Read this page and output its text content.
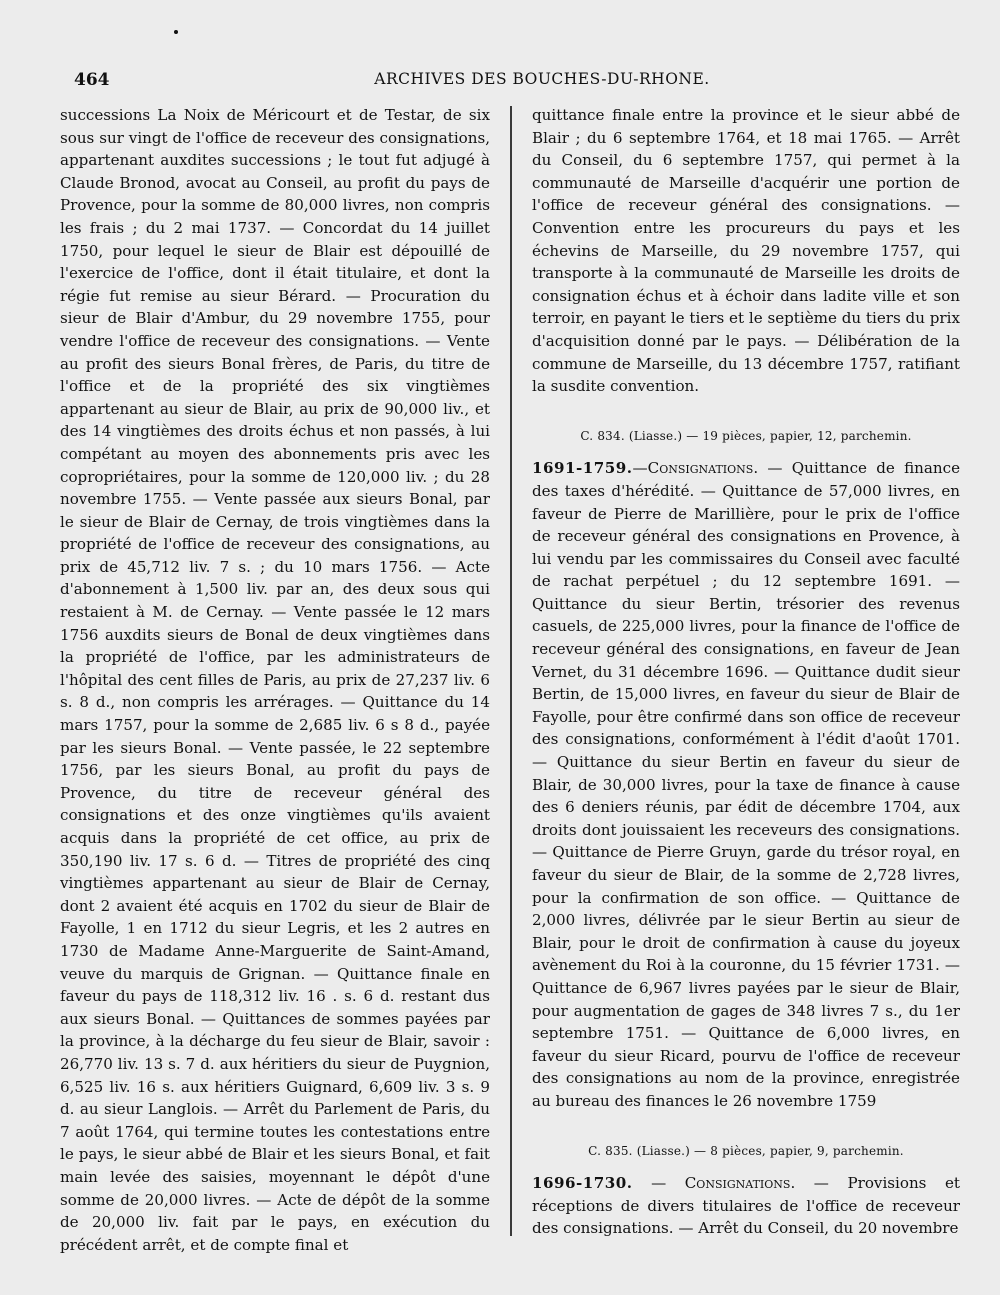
464	ARCHIVES DES BOUCHES-DU-RHONE.

successions La Noix de Méricourt et de Testar, de six sous sur vingt de l'office de receveur des consignations, appartenant auxdites successions ; le tout fut adjugé à Claude Bronod, avocat au Conseil, au profit du pays de Provence, pour la somme de 80,000 livres, non compris les frais ; du 2 mai 1737. — Concordat du 14 juillet 1750, pour lequel le sieur de Blair est dépouillé de l'exercice de l'office, dont il était titulaire, et dont la régie fut remise au sieur Bérard. — Procuration du sieur de Blair d'Ambur, du 29 novembre 1755, pour vendre l'office de receveur des consignations. — Vente au profit des sieurs Bonal frères, de Paris, du titre de l'office et de la propriété des six vingtièmes appartenant au sieur de Blair, au prix de 90,000 liv., et des 14 vingtièmes des droits échus et non passés, à lui compétant au moyen des abonnements pris avec les copropriétaires, pour la somme de 120,000 liv. ; du 28 novembre 1755. — Vente passée aux sieurs Bonal, par le sieur de Blair de Cernay, de trois vingtièmes dans la propriété de l'office de receveur des consignations, au prix de 45,712 liv. 7 s. ; du 10 mars 1756. — Acte d'abonnement à 1,500 liv. par an, des deux sous qui restaient à M. de Cernay. — Vente passée le 12 mars 1756 auxdits sieurs de Bonal de deux vingtièmes dans la propriété de l'office, par les administrateurs de l'hôpital des cent filles de Paris, au prix de 27,237 liv. 6 s. 8 d., non compris les arrérages. — Quittance du 14 mars 1757, pour la somme de 2,685 liv. 6 s 8 d., payée par les sieurs Bonal. — Vente passée, le 22 septembre 1756, par les sieurs Bonal, au profit du pays de Provence, du titre de receveur général des consignations et des onze vingtièmes qu'ils avaient acquis dans la propriété de cet office, au prix de 350,190 liv. 17 s. 6 d. — Titres de propriété des cinq vingtièmes appartenant au sieur de Blair de Cernay, dont 2 avaient été acquis en 1702 du sieur de Blair de Fayolle, 1 en 1712 du sieur Legris, et les 2 autres en 1730 de Madame Anne-Marguerite de Saint-Amand, veuve du marquis de Grignan. — Quittance finale en faveur du pays de 118,312 liv. 16 . s. 6 d. restant dus aux sieurs Bonal. — Quittances de sommes payées par la province, à la décharge du feu sieur de Blair, savoir : 26,770 liv. 13 s. 7 d. aux héritiers du sieur de Puygnion, 6,525 liv. 16 s. aux héritiers Guignard, 6,609 liv. 3 s. 9 d. au sieur Langlois. — Arrêt du Parlement de Paris, du 7 août 1764, qui termine toutes les contestations entre le pays, le sieur abbé de Blair et les sieurs Bonal, et fait main levée des saisies, moyennant le dépôt d'une somme de 20,000 livres. — Acte de dépôt de la somme de 20,000 liv. fait par le pays, en exécution du précédent arrêt, et de compte final et

quittance finale entre la province et le sieur abbé de Blair ; du 6 septembre 1764, et 18 mai 1765. — Arrêt du Conseil, du 6 septembre 1757, qui permet à la communauté de Marseille d'acquérir une portion de l'office de receveur général des consignations. — Convention entre les procureurs du pays et les échevins de Marseille, du 29 novembre 1757, qui transporte à la communauté de Marseille les droits de consignation échus et à échoir dans ladite ville et son terroir, en payant le tiers et le septième du tiers du prix d'acquisition donné par le pays. — Délibération de la commune de Marseille, du 13 décembre 1757, ratifiant la susdite convention.

C. 834. (Liasse.) — 19 pièces, papier, 12, parchemin.

1691-1759.—Consignations. — Quittance de finance des taxes d'hérédité. — Quittance de 57,000 livres, en faveur de Pierre de Marillière, pour le prix de l'office de receveur général des consignations en Provence, à lui vendu par les commissaires du Conseil avec faculté de rachat perpétuel ; du 12 septembre 1691. — Quittance du sieur Bertin, trésorier des revenus casuels, de 225,000 livres, pour la finance de l'office de receveur général des consignations, en faveur de Jean Vernet, du 31 décembre 1696. — Quittance dudit sieur Bertin, de 15,000 livres, en faveur du sieur de Blair de Fayolle, pour être confirmé dans son office de receveur des consignations, conformément à l'édit d'août 1701. — Quittance du sieur Bertin en faveur du sieur de Blair, de 30,000 livres, pour la taxe de finance à cause des 6 deniers réunis, par édit de décembre 1704, aux droits dont jouissaient les receveurs des consignations. — Quittance de Pierre Gruyn, garde du trésor royal, en faveur du sieur de Blair, de la somme de 2,728 livres, pour la confirmation de son office. — Quittance de 2,000 livres, délivrée par le sieur Bertin au sieur de Blair, pour le droit de confirmation à cause du joyeux avènement du Roi à la couronne, du 15 février 1731. — Quittance de 6,967 livres payées par le sieur de Blair, pour augmentation de gages de 348 livres 7 s., du 1er septembre 1751. — Quittance de 6,000 livres, en faveur du sieur Ricard, pourvu de l'office de receveur des consignations au nom de la province, enregistrée au bureau des finances le 26 novembre 1759

C. 835. (Liasse.) — 8 pièces, papier, 9, parchemin.

1696-1730. — Consignations. — Provisions et réceptions de divers titulaires de l'office de receveur des consignations. — Arrêt du Conseil, du 20 novembre
